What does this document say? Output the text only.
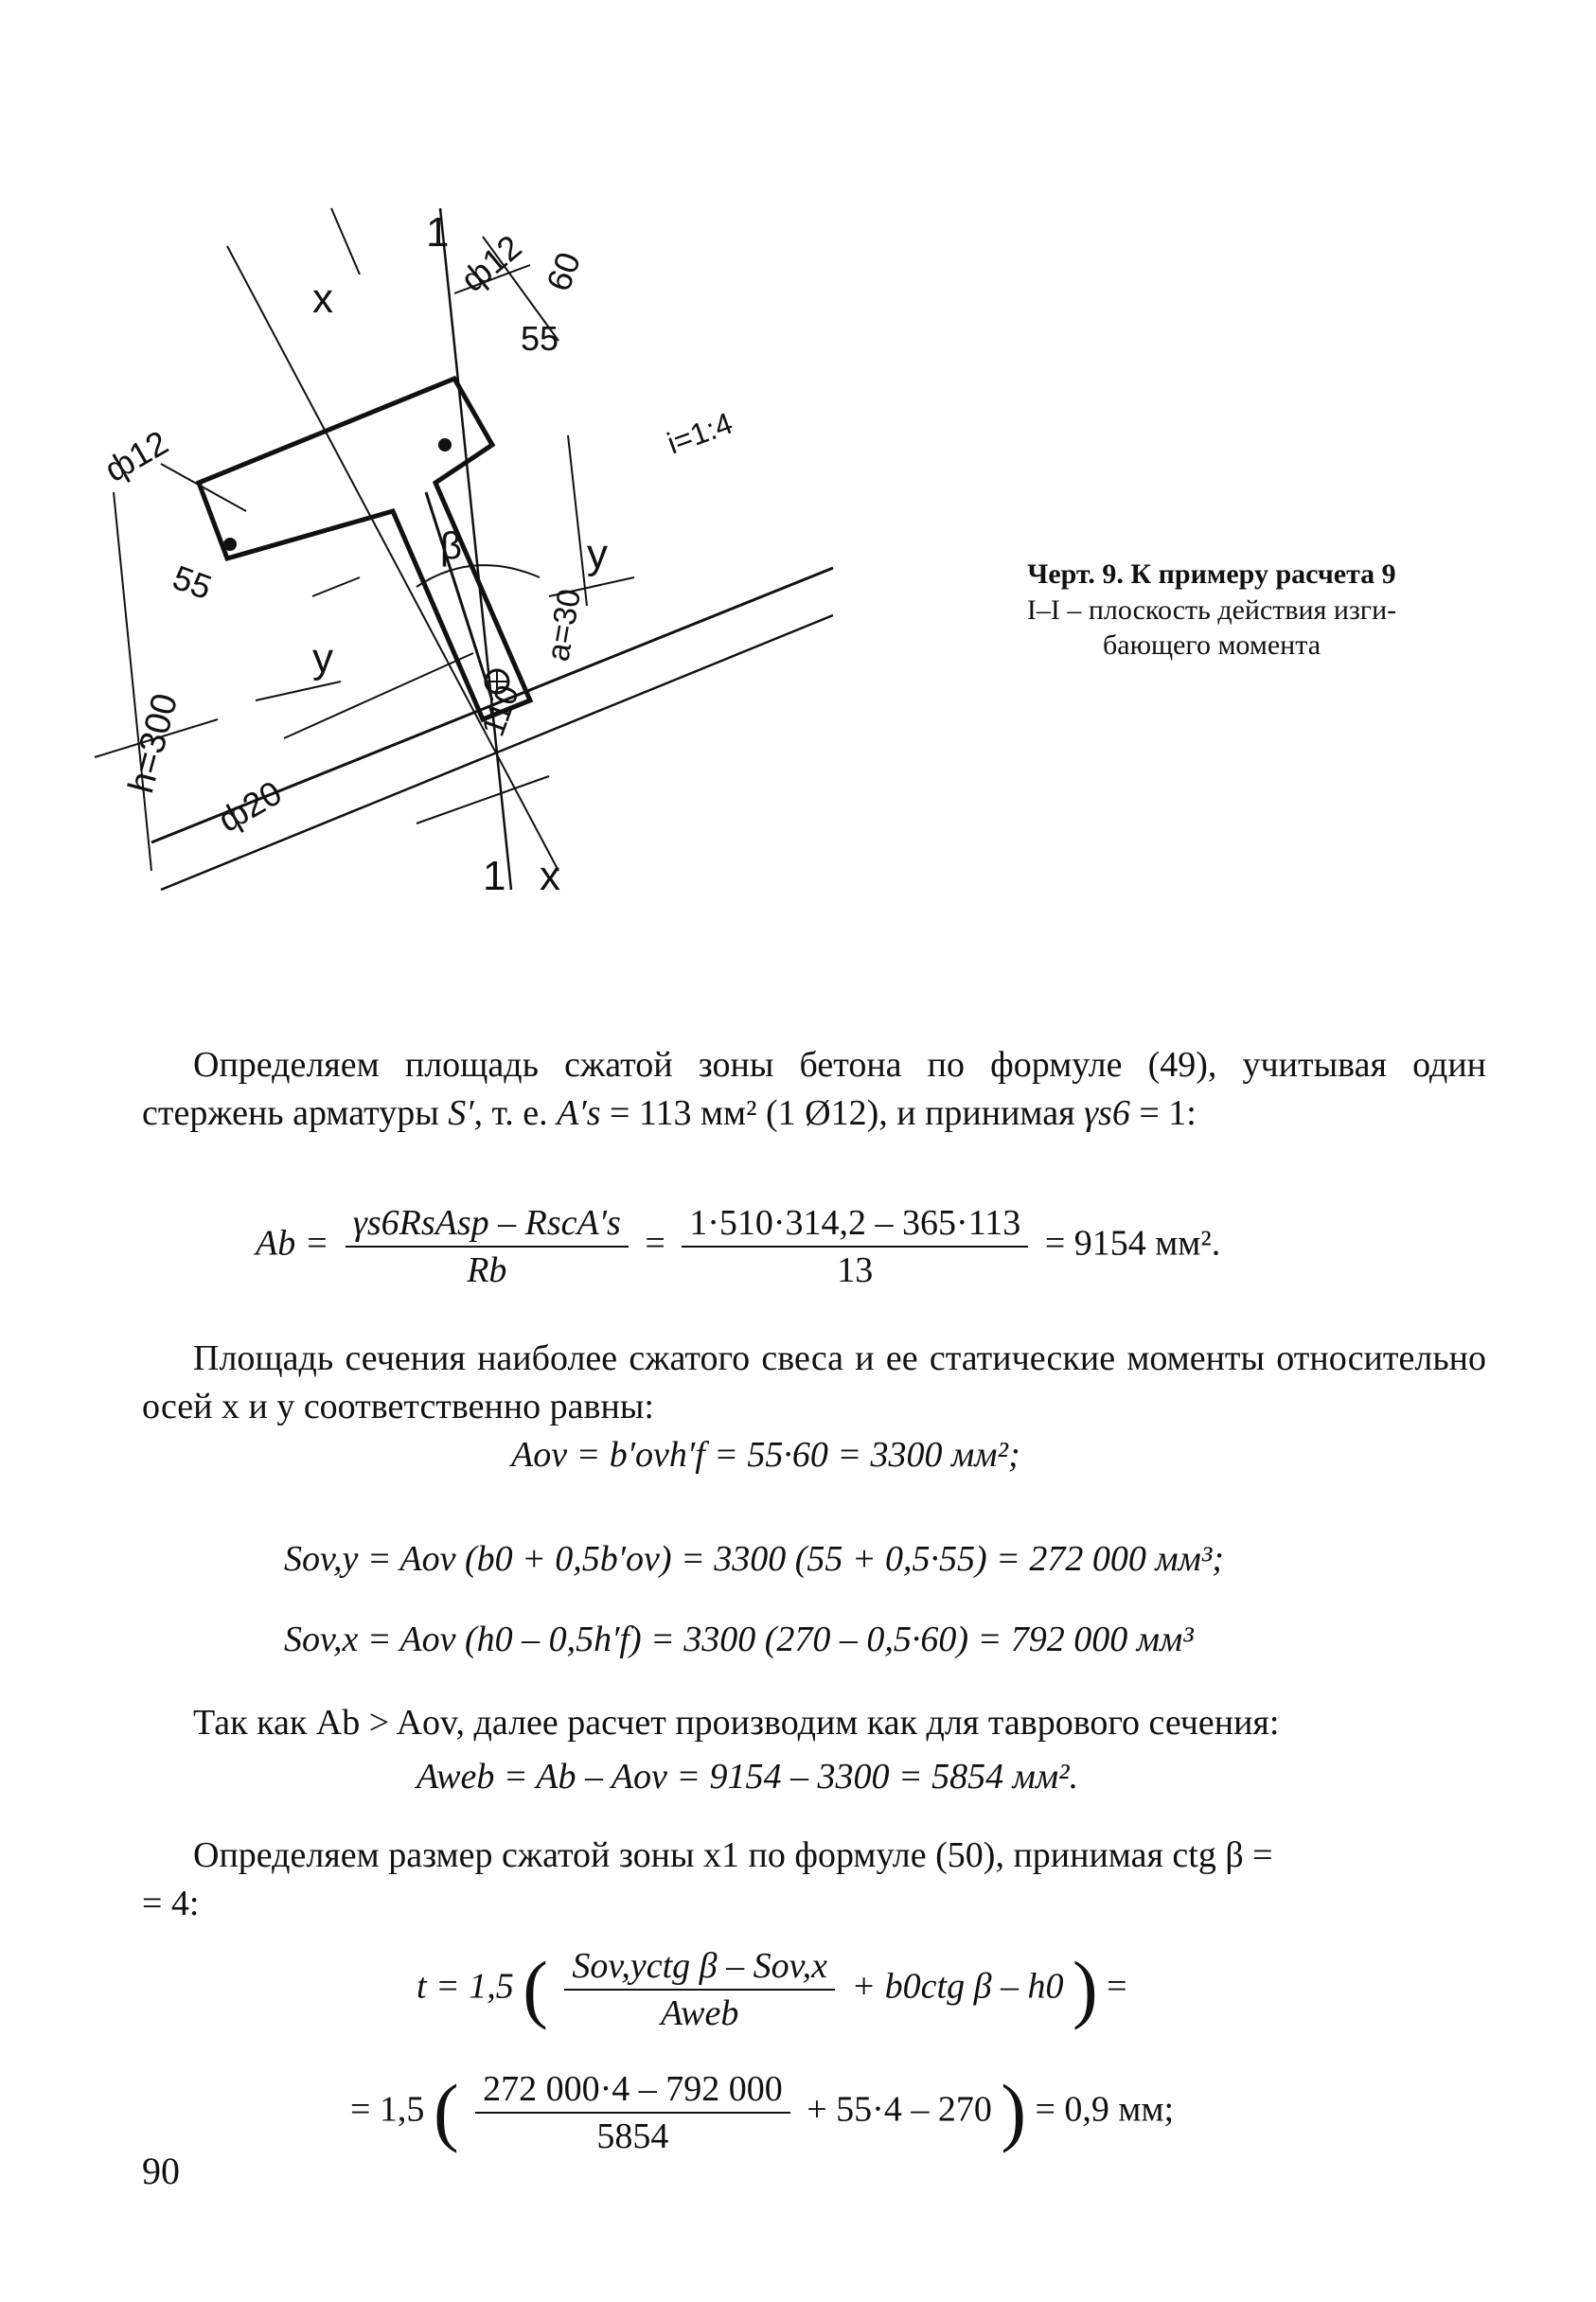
1
1
x
x
y
y
ф12
ф12
ф20
60
55
55
h=300
a=30
110
β
i=1:4
Черт. 9. К примеру расчета 9
I–I – плоскость действия изги-
бающего момента
Определяем площадь сжатой зоны бетона по формуле (49), учитывая один стержень арматуры S′, т. е. A′s = 113 мм² (1 Ø12), и принимая γs6 = 1:
$Ab = \frac{\text{γs6RsAsp – RscA′s}}{Rb} = \frac{1\cdot 510\cdot 314,2 - 365\cdot 113}{13} = 9154$ мм².
Площадь сечения наиболее сжатого свеса и ее статические моменты относительно осей x и y соответственно равны:
Aov = b′ovh′f = 55·60 = 3300 мм²;
Sov,y = Aov (b0 + 0,5b′ov) = 3300 (55 + 0,5·55) = 272 000 мм³;
Sov,x = Aov (h0 – 0,5h′f) = 3300 (270 – 0,5·60) = 792 000 мм³
Так как Ab > Aov, далее расчет производим как для таврового сечения:
Aweb = Ab – Aov = 9154 – 3300 = 5854 мм².
Определяем размер сжатой зоны x1 по формуле (50), принимая ctg β =
= 4:
t = 1,5 ( $\frac{\text{Sov,yctg β – Sov,x}}{\text{Aweb}} + b0ctg$ β – h0 ) =
= 1,5 ( $\frac{272 000\cdot 4 - 792 000}{5854} + 55\cdot 4 - 270$ ) = 0,9 мм;
90
